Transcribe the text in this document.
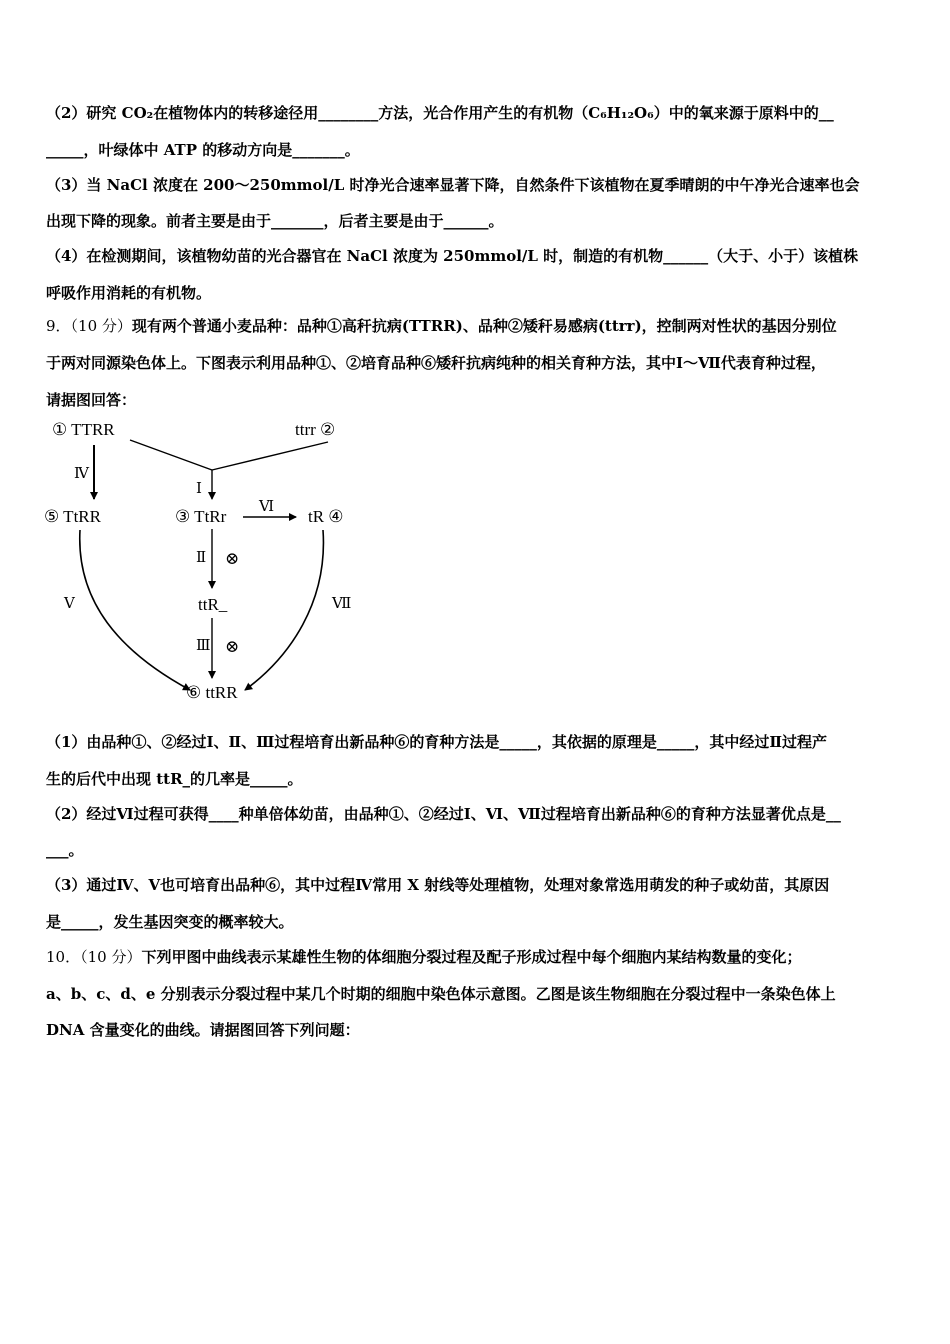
（2）研究 CO₂在植物体内的转移途径用________方法，光合作用产生的有机物（C₆H₁₂O₆）中的氧来源于原料中的__
_____，叶绿体中 ATP 的移动方向是_______。
（3）当 NaCl 浓度在 200～250mmol/L 时净光合速率显著下降，自然条件下该植物在夏季晴朗的中午净光合速率也会
出现下降的现象。前者主要是由于_______，后者主要是由于______。
（4）在检测期间，该植物幼苗的光合器官在 NaCl 浓度为 250mmol/L 时，制造的有机物______（大于、小于）该植株
呼吸作用消耗的有机物。
9．（10 分）现有两个普通小麦品种：品种①高秆抗病(TTRR)、品种②矮秆易感病(ttrr)，控制两对性状的基因分别位
于两对同源染色体上。下图表示利用品种①、②培育品种⑥矮秆抗病纯种的相关育种方法，其中Ⅰ～Ⅶ代表育种过程，
请据图回答：
① TTRR	ttrr ②
Ⅰ
Ⅳ
⑤ TtRR	③ TtRr	tR ④
Ⅵ
Ⅱ ⊗
ttR_
Ⅲ ⊗
Ⅴ	Ⅶ
⑥ ttRR
（1）由品种①、②经过Ⅰ、Ⅱ、Ⅲ过程培育出新品种⑥的育种方法是_____，其依据的原理是_____，其中经过Ⅱ过程产
生的后代中出现 ttR_的几率是_____。
（2）经过Ⅵ过程可获得____种单倍体幼苗，由品种①、②经过Ⅰ、Ⅵ、Ⅶ过程培育出新品种⑥的育种方法显著优点是__
___。
（3）通过Ⅳ、Ⅴ也可培育出品种⑥，其中过程Ⅳ常用 X 射线等处理植物，处理对象常选用萌发的种子或幼苗，其原因
是_____，发生基因突变的概率较大。
10．（10 分）下列甲图中曲线表示某雄性生物的体细胞分裂过程及配子形成过程中每个细胞内某结构数量的变化；
a、b、c、d、e 分别表示分裂过程中某几个时期的细胞中染色体示意图。乙图是该生物细胞在分裂过程中一条染色体上
DNA 含量变化的曲线。请据图回答下列问题：
